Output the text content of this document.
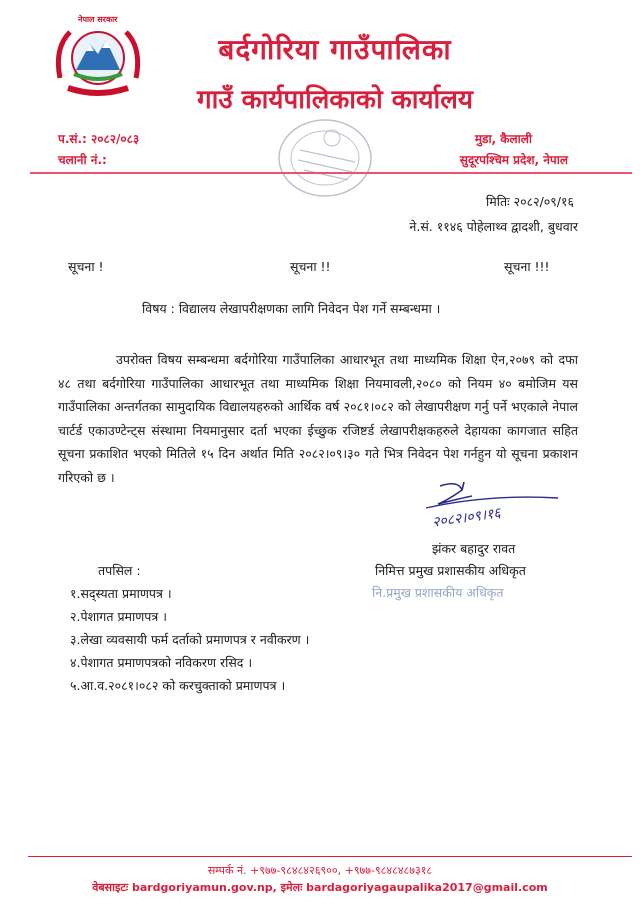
नेपाल सरकार
बर्दगोरिया गाउँपालिका
गाउँ कार्यपालिकाको कार्यालय
प.सं.: २०८२/०८३
चलानी नं.:
मुडा, कैलाली
सुदूरपश्चिम प्रदेश, नेपाल
मितिः २०८२/०९/१६
ने.सं. ११४६ पोहेलाथ्व द्वादशी, बुधवार
सूचना !	सूचना !!	सूचना !!!
विषय : विद्यालय लेखापरीक्षणका लागि निवेदन पेश गर्ने सम्बन्धमा ।
उपरोक्त विषय सम्बन्धमा बर्दगोरिया गाउँपालिका आधारभूत तथा माध्यमिक शिक्षा ऐन,२०७९ को दफा ४८ तथा बर्दगोरिया गाउँपालिका आधारभूत तथा माध्यमिक शिक्षा नियमावली,२०८० को नियम ४० बमोजिम यस गाउँपालिका अन्तर्गतका सामुदायिक विद्यालयहरुको आर्थिक वर्ष २०८१।०८२ को लेखापरीक्षण गर्नु पर्ने भएकाले नेपाल चार्टर्ड एकाउण्टेन्ट्स संस्थामा नियमानुसार दर्ता भएका ईच्छुक रजिष्टर्ड लेखापरीक्षकहरुले देहायका कागजात सहित सूचना प्रकाशित भएको मितिले १५ दिन अर्थात मिति २०८२।०९।३० गते भित्र निवेदन पेश गर्नहुन यो सूचना प्रकाशन गरिएको छ ।
२०८२।०९।१६
झंकर बहादुर रावत
निमित्त प्रमुख प्रशासकीय अधिकृत
नि.प्रमुख प्रशासकीय अधिकृत
तपसिल :
१.सद्स्यता प्रमाणपत्र ।
२.पेशागत प्रमाणपत्र ।
३.लेखा व्यवसायी फर्म दर्ताको प्रमाणपत्र र नवीकरण ।
४.पेशागत प्रमाणपत्रको नविकरण रसिद ।
५.आ.व.२०८१।०८२ को करचुक्ताको प्रमाणपत्र ।
सम्पर्क नं. +९७७-९८४८४२६९००, +९७७-९८४८४८७३१८
वेबसाइटः bardgoriyamun.gov.np, इमेलः bardagoriyagaupalika2017@gmail.com
